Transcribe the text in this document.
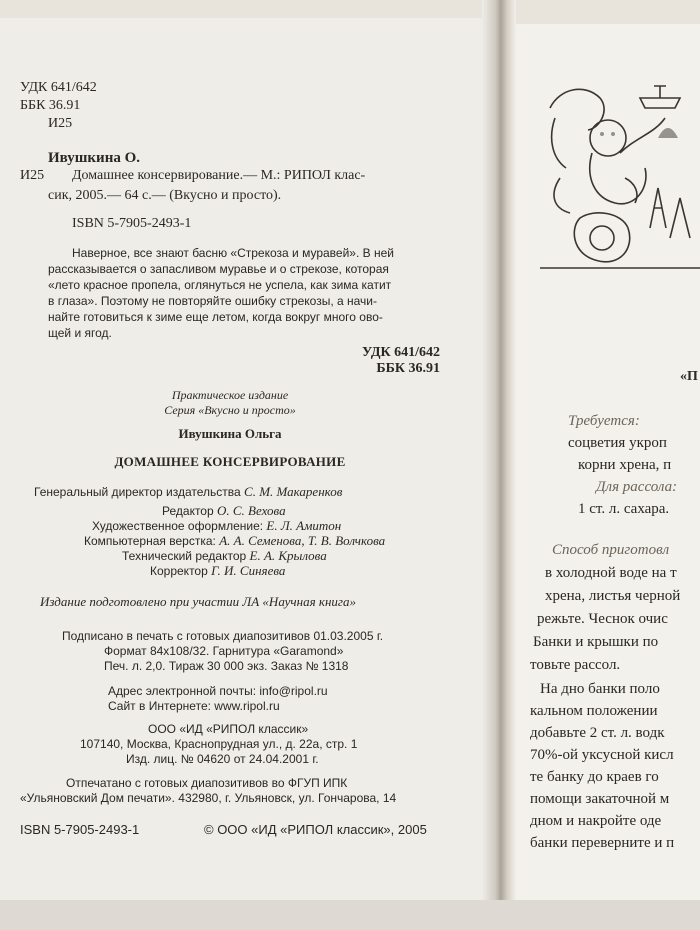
УДК 641/642
ББК 36.91
И25
Ивушкина О.
И25 Домашнее консервирование.— М.: РИПОЛ клас-
сик, 2005.— 64 с.— (Вкусно и просто).
ISBN 5-7905-2493-1
Наверное, все знают басню «Стрекоза и муравей». В ней
рассказывается о запасливом муравье и о стрекозе, которая
«лето красное пропела, оглянуться не успела, как зима катит
в глаза». Поэтому не повторяйте ошибку стрекозы, а начи-
найте готовиться к зиме еще летом, когда вокруг много ово-
щей и ягод.
УДК 641/642
ББК 36.91
Практическое издание
Серия «Вкусно и просто»
Ивушкина Ольга
ДОМАШНЕЕ КОНСЕРВИРОВАНИЕ
Генеральный директор издательства С. М. Макаренков
Редактор О. С. Вехова
Художественное оформление: Е. Л. Амитон
Компьютерная верстка: А. А. Семенова, Т. В. Волчкова
Технический редактор Е. А. Крылова
Корректор Г. И. Синяева
Издание подготовлено при участии ЛА «Научная книга»
Подписано в печать с готовых диапозитивов 01.03.2005 г.
Формат 84x108/32. Гарнитура «Garamond»
Печ. л. 2,0. Тираж 30 000 экз. Заказ № 1318
Адрес электронной почты: info@ripol.ru
Сайт в Интернете: www.ripol.ru
ООО «ИД «РИПОЛ классик»
107140, Москва, Краснопрудная ул., д. 22а, стр. 1
Изд. лиц. № 04620 от 24.04.2001 г.
Отпечатано с готовых диапозитивов во ФГУП ИПК
«Ульяновский Дом печати». 432980, г. Ульяновск, ул. Гончарова, 14
ISBN 5-7905-2493-1	© ООО «ИД «РИПОЛ классик», 2005
«П
Требуется:
соцветия укроп
корни хрена, п
Для рассола:
1 ст. л. сахара.
Способ приготовл
в холодной воде на т
хрена, листья черной
режьте. Чеснок очис
Банки и крышки по
товьте рассол.
На дно банки поло
кальном положении
добавьте 2 ст. л. водк
70%-ой уксусной кисл
те банку до краев го
помощи закаточной м
дном и накройте оде
банки переверните и п
